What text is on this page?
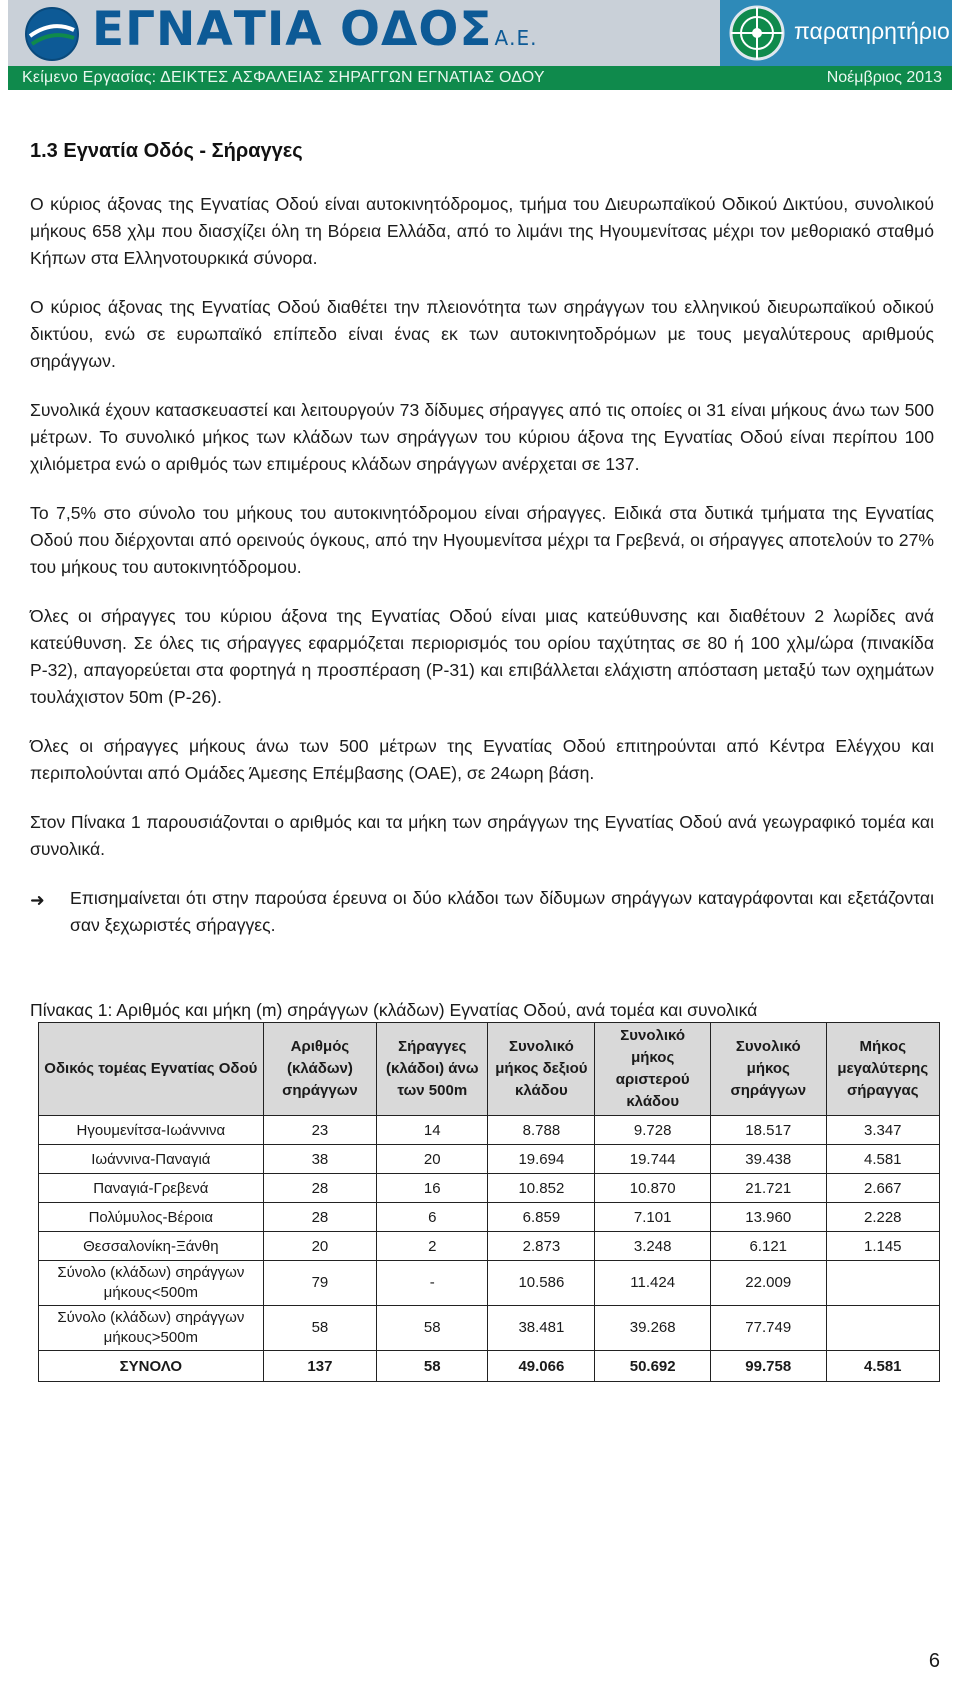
ΕΓΝΑΤΙΑ ΟΔΟΣ Α.Ε.	παρατηρητήριο
Κείμενο Εργασίας: ΔΕΙΚΤΕΣ ΑΣΦΑΛΕΙΑΣ ΣΗΡΑΓΓΩΝ ΕΓΝΑΤΙΑΣ ΟΔΟΥ	Νοέμβριος 2013
1.3 Εγνατία Οδός - Σήραγγες

Ο κύριος άξονας της Εγνατίας Οδού είναι αυτοκινητόδρομος, τμήμα του Διευρωπαϊκού Οδικού Δικτύου, συνολικού μήκους 658 χλμ που διασχίζει όλη τη Βόρεια Ελλάδα, από το λιμάνι της Ηγουμενίτσας μέχρι τον μεθοριακό σταθμό Κήπων στα Ελληνοτουρκικά σύνορα.

Ο κύριος άξονας της Εγνατίας Οδού διαθέτει την πλειονότητα των σηράγγων του ελληνικού διευρωπαϊκού οδικού δικτύου, ενώ σε ευρωπαϊκό επίπεδο είναι ένας εκ των αυτοκινητοδρόμων με τους μεγαλύτερους αριθμούς σηράγγων.

Συνολικά έχουν κατασκευαστεί και λειτουργούν 73 δίδυμες σήραγγες από τις οποίες οι 31 είναι μήκους άνω των 500 μέτρων. Το συνολικό μήκος των κλάδων των σηράγγων του κύριου άξονα της Εγνατίας Οδού είναι περίπου 100 χιλιόμετρα ενώ ο αριθμός των επιμέρους κλάδων σηράγγων ανέρχεται σε 137.

Το 7,5% στο σύνολο του μήκους του αυτοκινητόδρομου είναι σήραγγες. Ειδικά στα δυτικά τμήματα της Εγνατίας Οδού που διέρχονται από ορεινούς όγκους, από την Ηγουμενίτσα μέχρι τα Γρεβενά, οι σήραγγες αποτελούν το 27% του μήκους του αυτοκινητόδρομου.

Όλες οι σήραγγες του κύριου άξονα της Εγνατίας Οδού είναι μιας κατεύθυνσης και διαθέτουν 2 λωρίδες ανά κατεύθυνση. Σε όλες τις σήραγγες εφαρμόζεται περιορισμός του ορίου ταχύτητας σε 80 ή 100 χλμ/ώρα (πινακίδα Ρ-32), απαγορεύεται στα φορτηγά η προσπέραση (Ρ-31) και επιβάλλεται ελάχιστη απόσταση μεταξύ των οχημάτων τουλάχιστον 50m (Ρ-26).

Όλες οι σήραγγες μήκους άνω των 500 μέτρων της Εγνατίας Οδού επιτηρούνται από Κέντρα Ελέγχου και περιπολούνται από Ομάδες Άμεσης Επέμβασης (ΟΑΕ), σε 24ωρη βάση.

Στον Πίνακα 1 παρουσιάζονται ο αριθμός και τα μήκη των σηράγγων της Εγνατίας Οδού ανά γεωγραφικό τομέα και συνολικά.

➜	Επισημαίνεται ότι στην παρούσα έρευνα οι δύο κλάδοι των δίδυμων σηράγγων καταγράφονται και εξετάζονται σαν ξεχωριστές σήραγγες.
Πίνακας 1: Αριθμός και μήκη (m) σηράγγων (κλάδων) Εγνατίας Οδού, ανά τομέα και συνολικά
Οδικός τομέας Εγνατίας Οδού	Αριθμός (κλάδων) σηράγγων	Σήραγγες (κλάδοι) άνω των 500m	Συνολικό μήκος δεξιού κλάδου	Συνολικό μήκος αριστερού κλάδου	Συνολικό μήκος σηράγγων	Μήκος μεγαλύτερης σήραγγας
Ηγουμενίτσα-Ιωάννινα	23	14	8.788	9.728	18.517	3.347
Ιωάννινα-Παναγιά	38	20	19.694	19.744	39.438	4.581
Παναγιά-Γρεβενά	28	16	10.852	10.870	21.721	2.667
Πολύμυλος-Βέροια	28	6	6.859	7.101	13.960	2.228
Θεσσαλονίκη-Ξάνθη	20	2	2.873	3.248	6.121	1.145
Σύνολο (κλάδων) σηράγγων μήκους<500m	79	-	10.586	11.424	22.009	
Σύνολο (κλάδων) σηράγγων μήκους>500m	58	58	38.481	39.268	77.749	
ΣΥΝΟΛΟ	137	58	49.066	50.692	99.758	4.581
6
